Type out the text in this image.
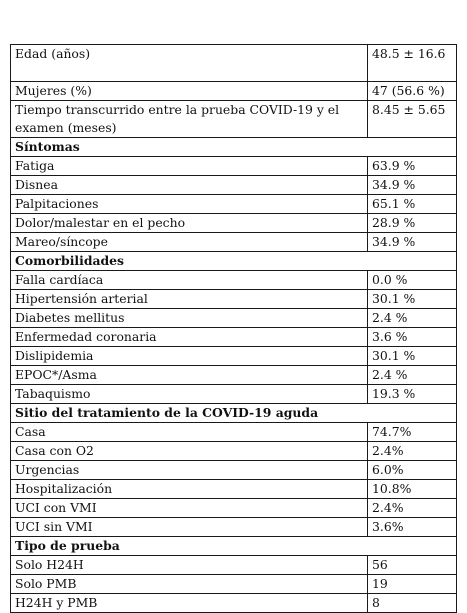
Edad (años)	48.5 ± 16.6
Mujeres (%)	47 (56.6 %)
Tiempo transcurrido entre la prueba COVID-19 y el examen (meses)	8.45 ± 5.65
Síntomas	
Fatiga	63.9 %
Disnea	34.9 %
Palpitaciones	65.1 %
Dolor/malestar en el pecho	28.9 %
Mareo/síncope	34.9 %
Comorbilidades	
Falla cardíaca	0.0 %
Hipertensión arterial	30.1 %
Diabetes mellitus	2.4 %
Enfermedad coronaria	3.6 %
Dislipidemia	30.1 %
EPOC*/Asma	2.4 %
Tabaquismo	19.3 %
Sitio del tratamiento de la COVID-19 aguda	
Casa	74.7%
Casa con O2	2.4%
Urgencias	6.0%
Hospitalización	10.8%
UCI con VMI	2.4%
UCI sin VMI	3.6%
Tipo de prueba	
Solo H24H	56
Solo PMB	19
H24H y PMB	8
